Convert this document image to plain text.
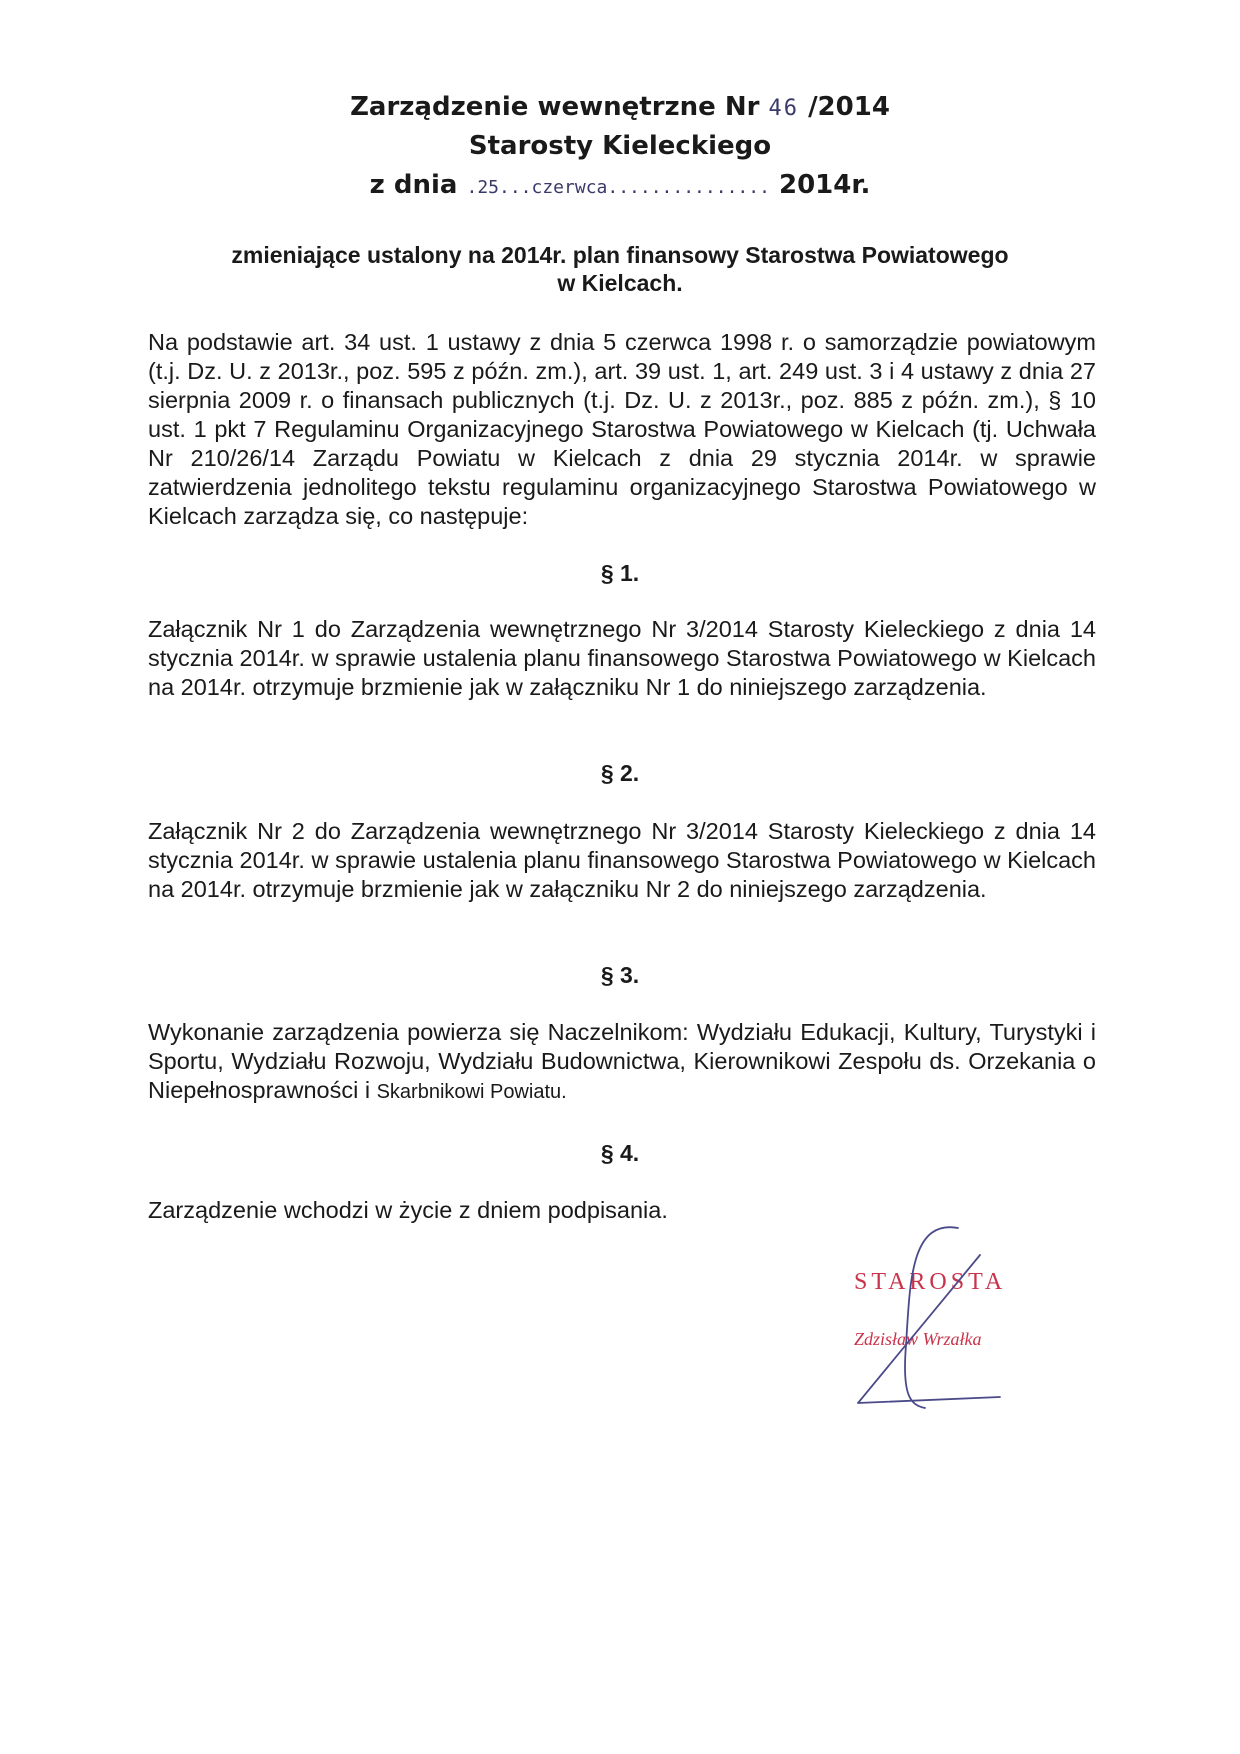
Zarządzenie wewnętrzne Nr 46 /2014
Starosty Kieleckiego
z dnia .25...czerwca............... 2014r.
zmieniające ustalony na 2014r. plan finansowy Starostwa Powiatowego
w Kielcach.
Na podstawie art. 34 ust. 1 ustawy z dnia 5 czerwca 1998 r. o samorządzie powiatowym (t.j. Dz. U. z 2013r., poz. 595 z późn. zm.), art. 39 ust. 1, art. 249 ust. 3 i 4 ustawy z dnia 27 sierpnia 2009 r. o finansach publicznych (t.j. Dz. U. z 2013r., poz. 885 z późn. zm.), § 10 ust. 1 pkt 7 Regulaminu Organizacyjnego Starostwa Powiatowego w Kielcach (tj. Uchwała Nr 210/26/14 Zarządu Powiatu w Kielcach z dnia 29 stycznia 2014r. w sprawie zatwierdzenia jednolitego tekstu regulaminu organizacyjnego Starostwa Powiatowego w Kielcach zarządza się, co następuje:
§ 1.
Załącznik Nr 1 do Zarządzenia wewnętrznego Nr 3/2014 Starosty Kieleckiego z dnia 14 stycznia 2014r. w sprawie ustalenia planu finansowego Starostwa Powiatowego w Kielcach na 2014r. otrzymuje brzmienie jak w załączniku Nr 1 do niniejszego zarządzenia.
§ 2.
Załącznik Nr 2 do Zarządzenia wewnętrznego Nr 3/2014 Starosty Kieleckiego z dnia 14 stycznia 2014r. w sprawie ustalenia planu finansowego Starostwa Powiatowego w Kielcach na 2014r. otrzymuje brzmienie jak w załączniku Nr 2 do niniejszego zarządzenia.
§ 3.
Wykonanie zarządzenia powierza się Naczelnikom: Wydziału Edukacji, Kultury, Turystyki i Sportu, Wydziału Rozwoju, Wydziału Budownictwa, Kierownikowi Zespołu ds. Orzekania o Niepełnosprawności i Skarbnikowi Powiatu.
§ 4.
Zarządzenie wchodzi w życie z dniem podpisania.
STAROSTA
Zdzisław Wrzałka
